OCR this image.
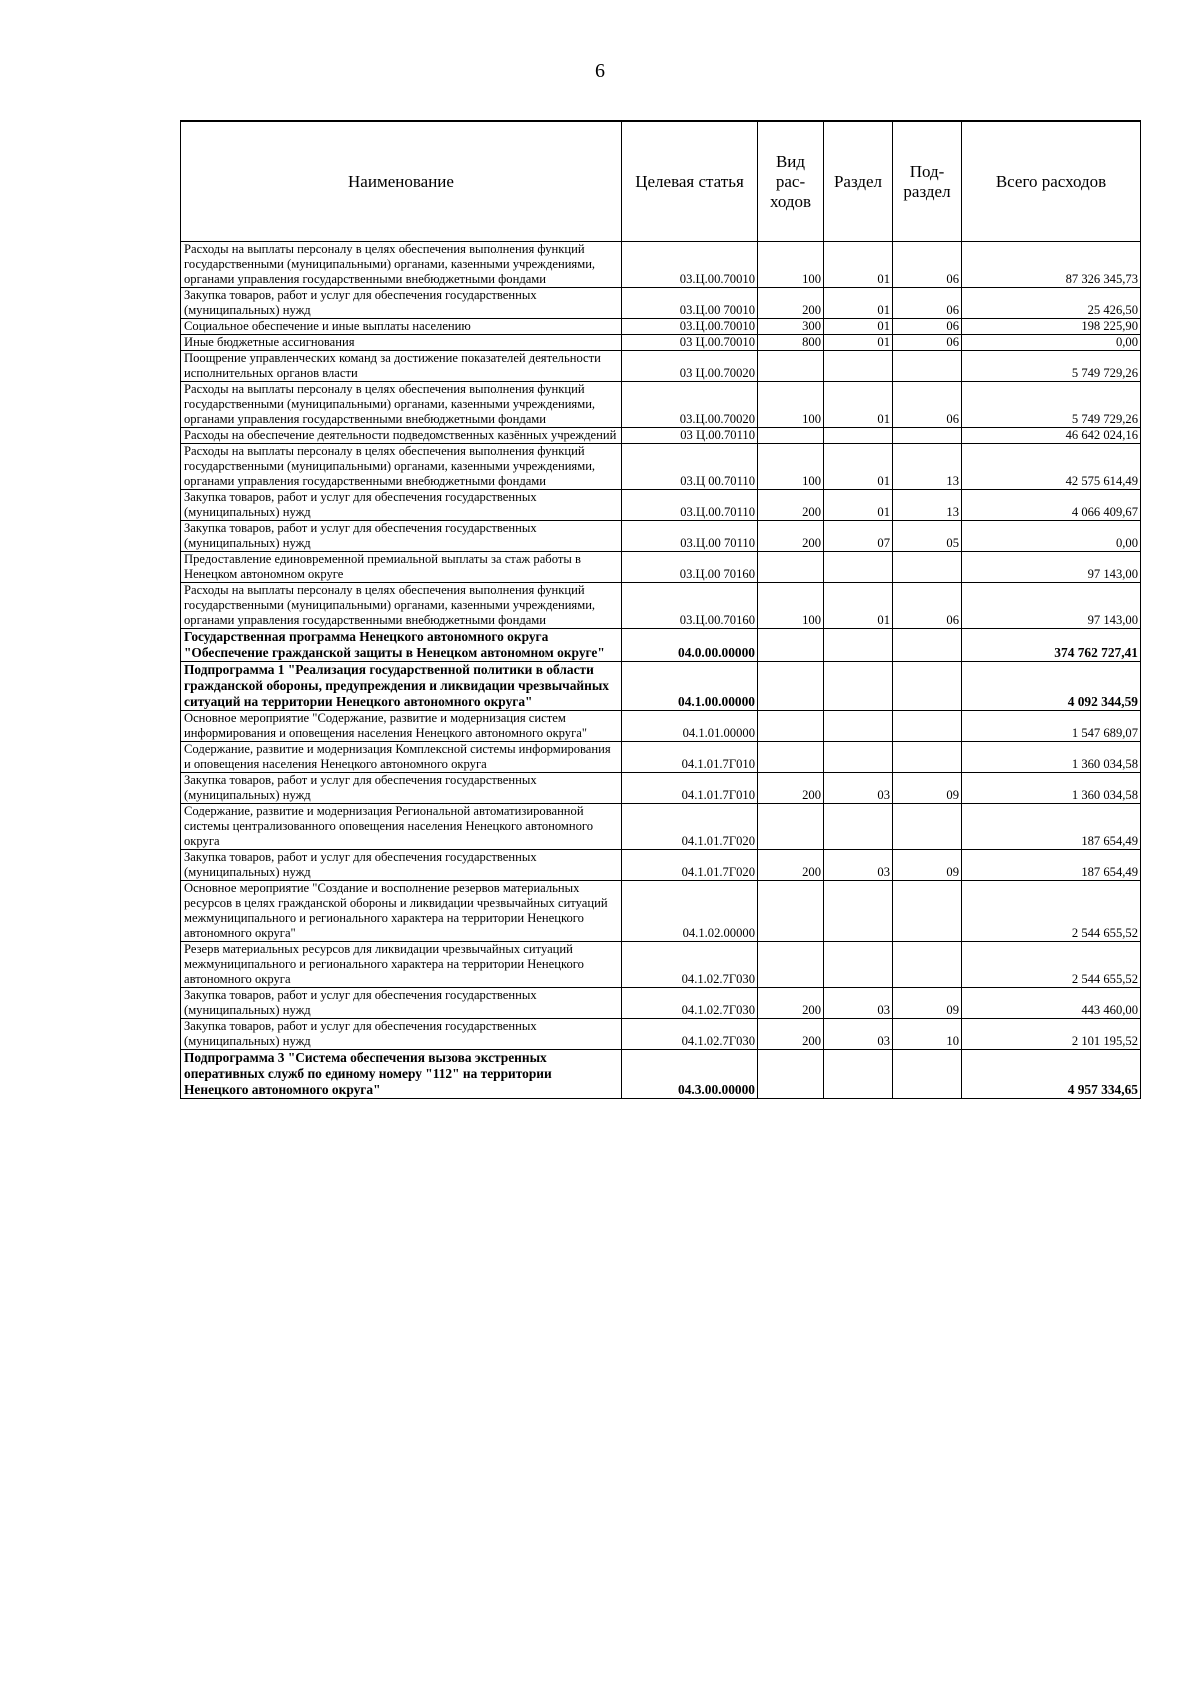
6
Наименование	Целевая статья	Вид рас-ходов	Раздел	Под-раздел	Всего расходов
Расходы на выплаты персоналу в целях обеспечения выполнения функций государственными (муниципальными) органами, казенными учреждениями, органами управления государственными внебюджетными фондами	03.Ц.00.70010	100	01	06	87 326 345,73
Закупка товаров, работ и услуг для обеспечения государственных (муниципальных) нужд	03.Ц.00 70010	200	01	06	25 426,50
Социальное обеспечение и иные выплаты населению	03.Ц.00.70010	300	01	06	198 225,90
Иные бюджетные ассигнования	03 Ц.00.70010	800	01	06	0,00
Поощрение управленческих команд за достижение показателей деятельности исполнительных органов власти	03 Ц.00.70020				5 749 729,26
Расходы на выплаты персоналу в целях обеспечения выполнения функций государственными (муниципальными) органами, казенными учреждениями, органами управления государственными внебюджетными фондами	03.Ц.00.70020	100	01	06	5 749 729,26
Расходы на обеспечение деятельности подведомственных казённых учреждений	03 Ц.00.70110				46 642 024,16
Расходы на выплаты персоналу в целях обеспечения выполнения функций государственными (муниципальными) органами, казенными учреждениями, органами управления государственными внебюджетными фондами	03.Ц 00.70110	100	01	13	42 575 614,49
Закупка товаров, работ и услуг для обеспечения государственных (муниципальных) нужд	03.Ц.00.70110	200	01	13	4 066 409,67
Закупка товаров, работ и услуг для обеспечения государственных (муниципальных) нужд	03.Ц.00 70110	200	07	05	0,00
Предоставление единовременной премиальной выплаты за стаж работы в Ненецком автономном округе	03.Ц.00 70160				97 143,00
Расходы на выплаты персоналу в целях обеспечения выполнения функций государственными (муниципальными) органами, казенными учреждениями, органами управления государственными внебюджетными фондами	03.Ц.00.70160	100	01	06	97 143,00
Государственная программа Ненецкого автономного округа "Обеспечение гражданской защиты в Ненецком автономном округе"	04.0.00.00000				374 762 727,41
Подпрограмма 1 "Реализация государственной политики в области гражданской обороны, предупреждения и ликвидации чрезвычайных ситуаций на территории Ненецкого автономного округа"	04.1.00.00000				4 092 344,59
Основное мероприятие "Содержание, развитие и модернизация систем информирования и оповещения населения Ненецкого автономного округа"	04.1.01.00000				1 547 689,07
Содержание, развитие и модернизация Комплексной системы информирования и оповещения населения Ненецкого автономного округа	04.1.01.7Г010				1 360 034,58
Закупка товаров, работ и услуг для обеспечения государственных (муниципальных) нужд	04.1.01.7Г010	200	03	09	1 360 034,58
Содержание, развитие и модернизация Региональной автоматизированной системы централизованного оповещения населения Ненецкого автономного округа	04.1.01.7Г020				187 654,49
Закупка товаров, работ и услуг для обеспечения государственных (муниципальных) нужд	04.1.01.7Г020	200	03	09	187 654,49
Основное мероприятие "Создание и восполнение резервов материальных ресурсов в целях гражданской обороны и ликвидации чрезвычайных ситуаций межмуниципального и регионального характера на территории Ненецкого автономного округа"	04.1.02.00000				2 544 655,52
Резерв материальных ресурсов для ликвидации чрезвычайных ситуаций межмуниципального и регионального характера на территории Ненецкого автономного округа	04.1.02.7Г030				2 544 655,52
Закупка товаров, работ и услуг для обеспечения государственных (муниципальных) нужд	04.1.02.7Г030	200	03	09	443 460,00
Закупка товаров, работ и услуг для обеспечения государственных (муниципальных) нужд	04.1.02.7Г030	200	03	10	2 101 195,52
Подпрограмма 3 "Система обеспечения вызова экстренных оперативных служб по единому номеру "112" на территории Ненецкого автономного округа"	04.3.00.00000				4 957 334,65
